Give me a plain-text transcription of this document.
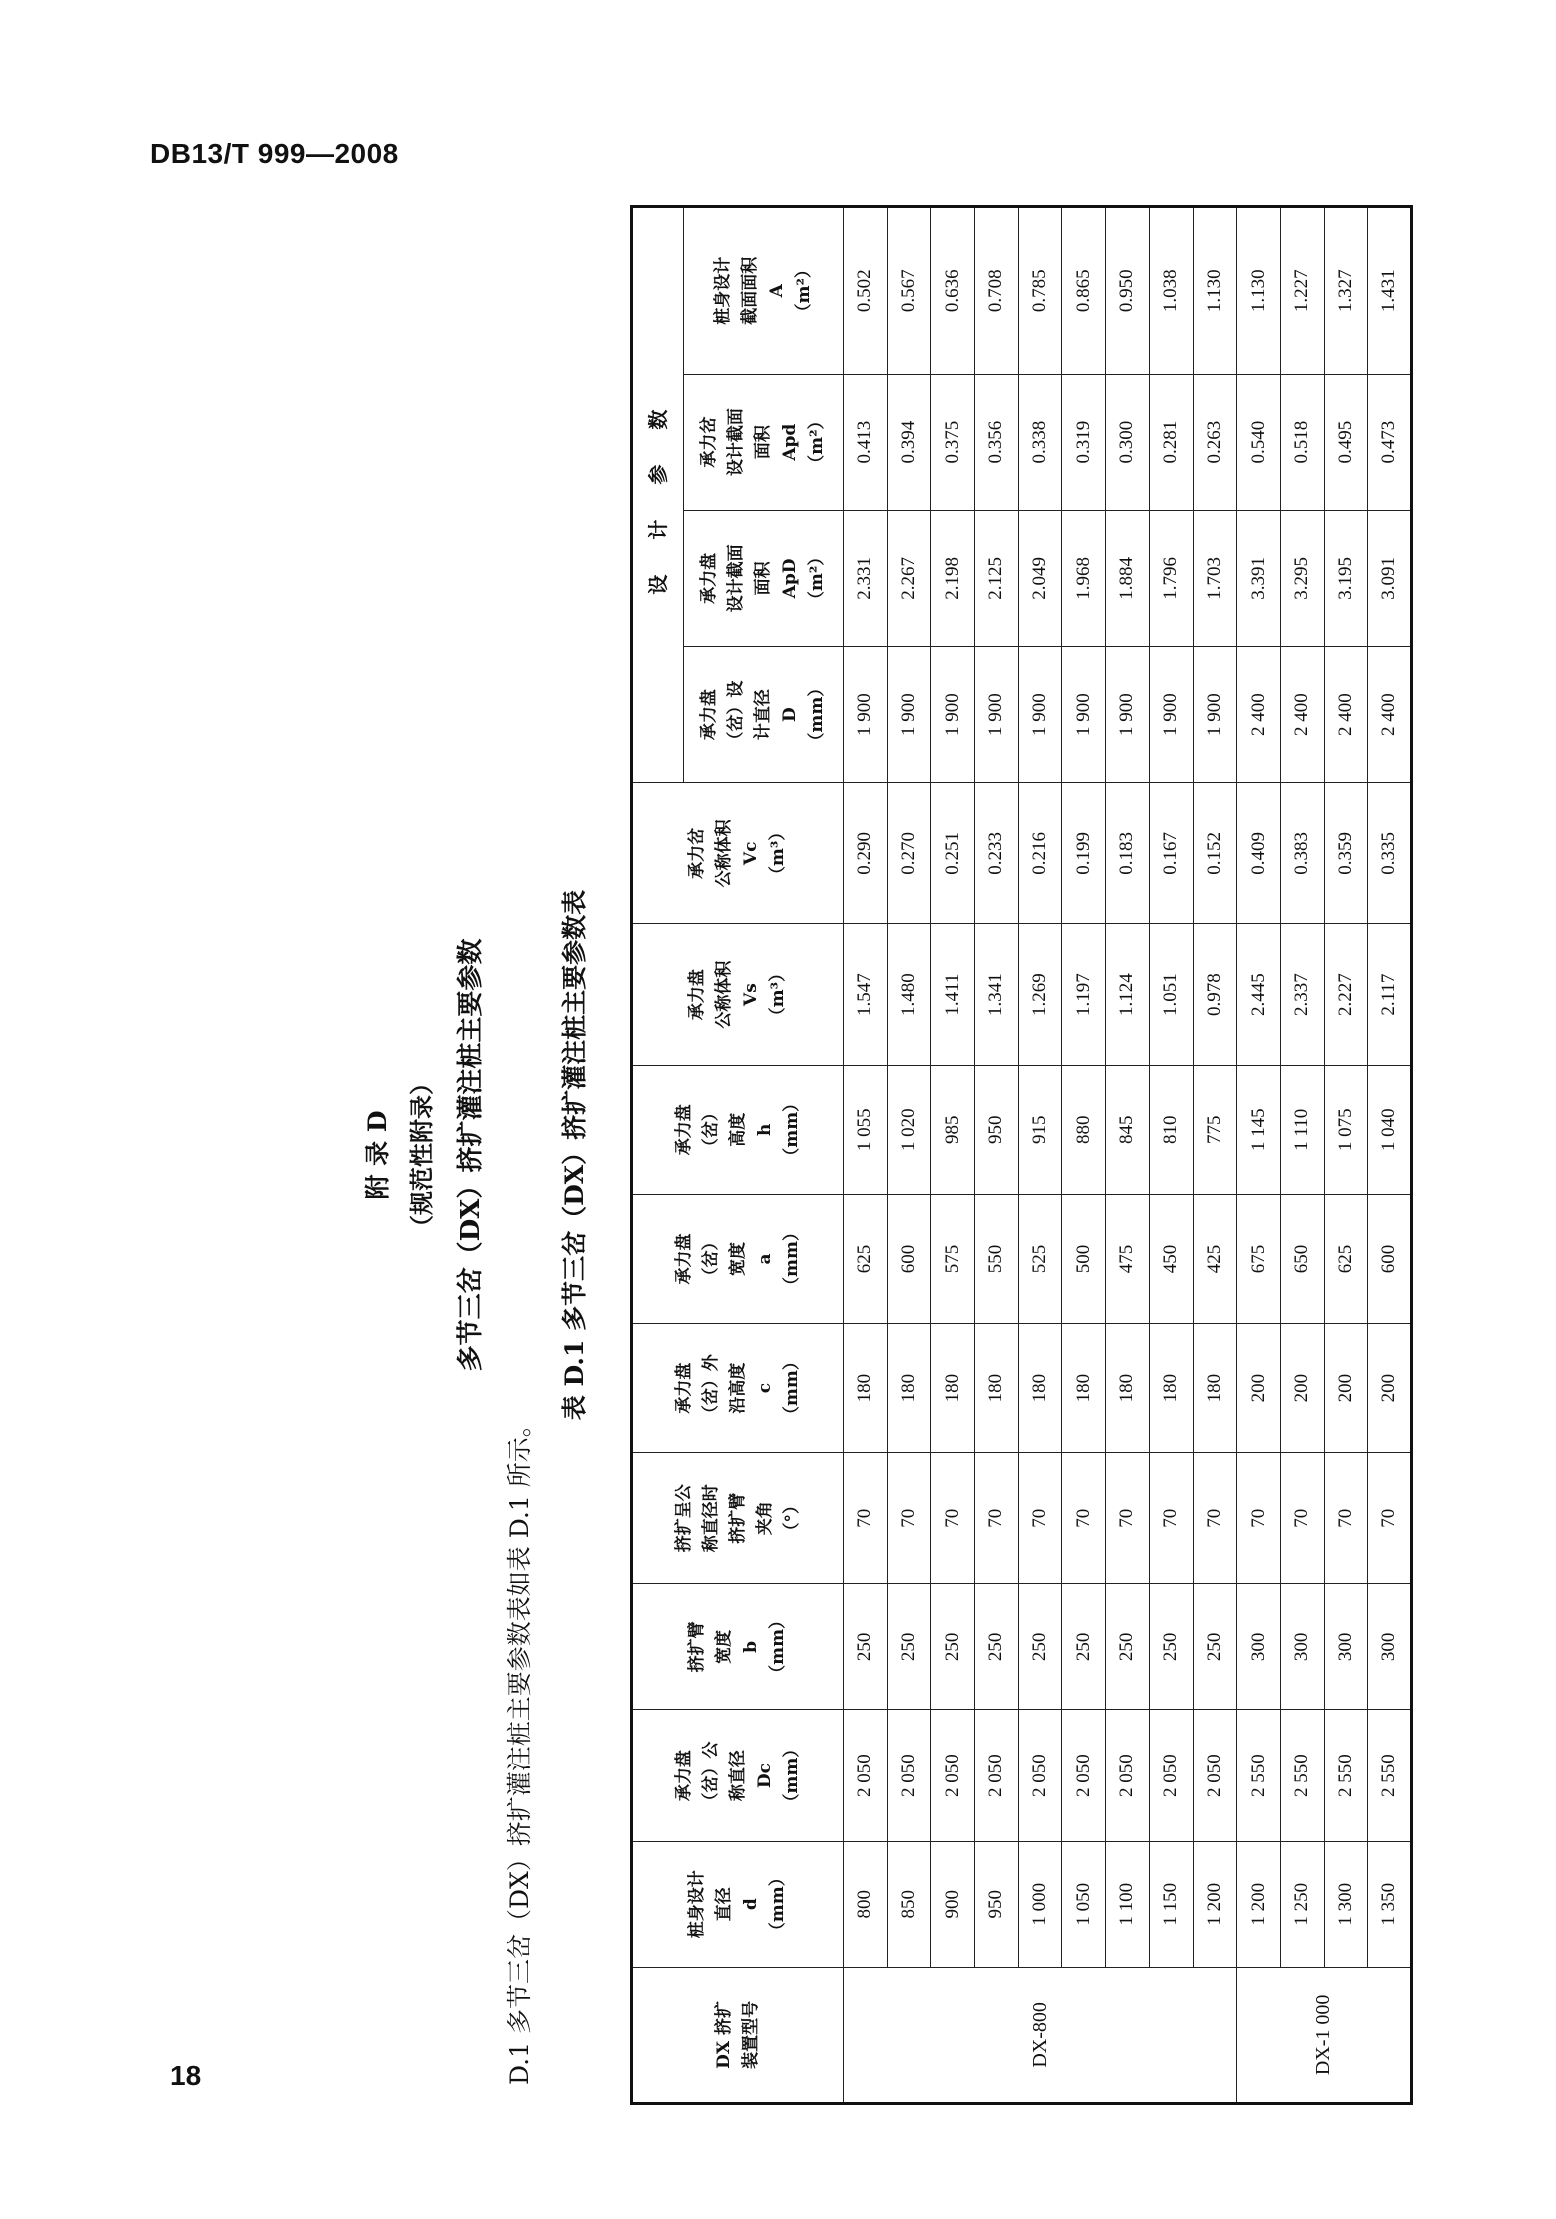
DB13/T 999—2008
附 录 D （规范性附录） 多节三岔（DX）挤扩灌注桩主要参数
D.1 多节三岔（DX）挤扩灌注桩主要参数表如表 D.1 所示。
表 D.1 多节三岔（DX）挤扩灌注桩主要参数表
DX 挤扩 装置型号	桩身设计 直径 d （mm）	承力盘 （岔）公 称直径 Dc （mm）	挤扩臂 宽度 b （mm）	挤扩呈公 称直径时 挤扩臂 夹角 （°）	承力盘 （岔）外 沿高度 c （mm）	承力盘 （岔） 宽度 a （mm）	承力盘 （岔） 高度 h （mm）	承力盘 公称体积 Vs （m³）	承力岔 公称体积 Vc （m³）	设 计 参 数			

										承力盘 （岔）设 计直径 D （mm）	承力盘 设计截面 面积 ApD （m²）	承力岔 设计截面 面积 Apd （m²）	桩身设计 截面面积 A （m²）

DX-800	800	2 050	250	70	180	625	1 055	1.547	0.290	1 900	2.331	0.413	0.502
	850	2 050	250	70	180	600	1 020	1.480	0.270	1 900	2.267	0.394	0.567
	900	2 050	250	70	180	575	985	1.411	0.251	1 900	2.198	0.375	0.636
	950	2 050	250	70	180	550	950	1.341	0.233	1 900	2.125	0.356	0.708
	1 000	2 050	250	70	180	525	915	1.269	0.216	1 900	2.049	0.338	0.785
	1 050	2 050	250	70	180	500	880	1.197	0.199	1 900	1.968	0.319	0.865
	1 100	2 050	250	70	180	475	845	1.124	0.183	1 900	1.884	0.300	0.950
	1 150	2 050	250	70	180	450	810	1.051	0.167	1 900	1.796	0.281	1.038
	1 200	2 050	250	70	180	425	775	0.978	0.152	1 900	1.703	0.263	1.130
DX-1 000	1 200	2 550	300	70	200	675	1 145	2.445	0.409	2 400	3.391	0.540	1.130
	1 250	2 550	300	70	200	650	1 110	2.337	0.383	2 400	3.295	0.518	1.227
	1 300	2 550	300	70	200	625	1 075	2.227	0.359	2 400	3.195	0.495	1.327
	1 350	2 550	300	70	200	600	1 040	2.117	0.335	2 400	3.091	0.473	1.431
18
